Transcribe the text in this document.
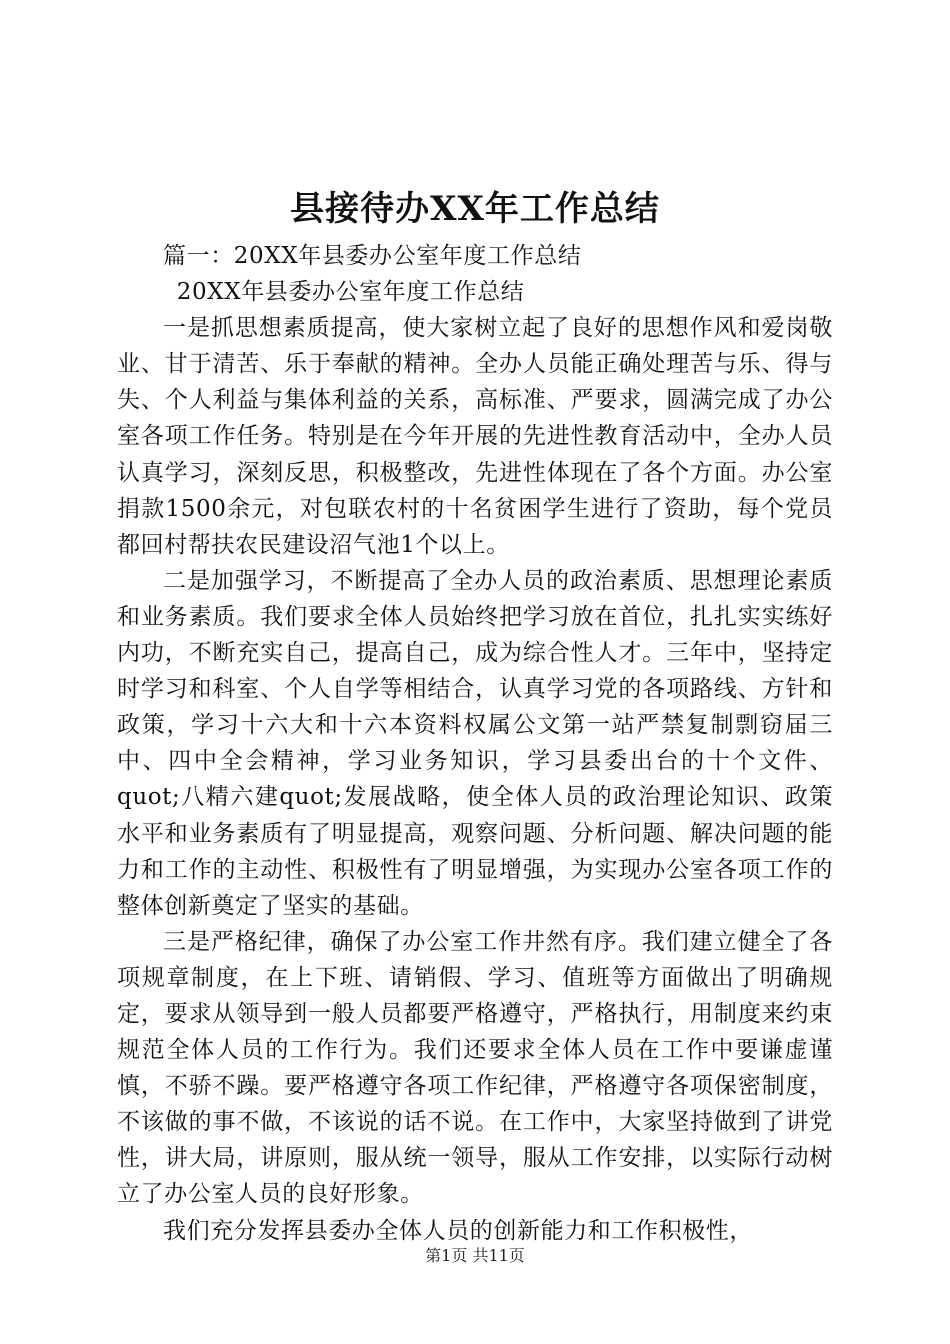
县接待办XX年工作总结

篇一：20XX年县委办公室年度工作总结

20XX年县委办公室年度工作总结

一是抓思想素质提高，使大家树立起了良好的思想作风和爱岗敬业、甘于清苦、乐于奉献的精神。全办人员能正确处理苦与乐、得与失、个人利益与集体利益的关系，高标准、严要求，圆满完成了办公室各项工作任务。特别是在今年开展的先进性教育活动中，全办人员认真学习，深刻反思，积极整改，先进性体现在了各个方面。办公室捐款1500余元，对包联农村的十名贫困学生进行了资助，每个党员都回村帮扶农民建设沼气池1个以上。

二是加强学习，不断提高了全办人员的政治素质、思想理论素质和业务素质。我们要求全体人员始终把学习放在首位，扎扎实实练好内功，不断充实自己，提高自己，成为综合性人才。三年中，坚持定时学习和科室、个人自学等相结合，认真学习党的各项路线、方针和政策，学习十六大和十六本资料权属公文第一站严禁复制剽窃届三中、四中全会精神，学习业务知识，学习县委出台的十个文件、quot;八精六建quot;发展战略，使全体人员的政治理论知识、政策水平和业务素质有了明显提高，观察问题、分析问题、解决问题的能力和工作的主动性、积极性有了明显增强，为实现办公室各项工作的整体创新奠定了坚实的基础。

三是严格纪律，确保了办公室工作井然有序。我们建立健全了各项规章制度，在上下班、请销假、学习、值班等方面做出了明确规定，要求从领导到一般人员都要严格遵守，严格执行，用制度来约束规范全体人员的工作行为。我们还要求全体人员在工作中要谦虚谨慎，不骄不躁。要严格遵守各项工作纪律，严格遵守各项保密制度，不该做的事不做，不该说的话不说。在工作中，大家坚持做到了讲党性，讲大局，讲原则，服从统一领导，服从工作安排，以实际行动树立了办公室人员的良好形象。

我们充分发挥县委办全体人员的创新能力和工作积极性，

第1页 共11页
